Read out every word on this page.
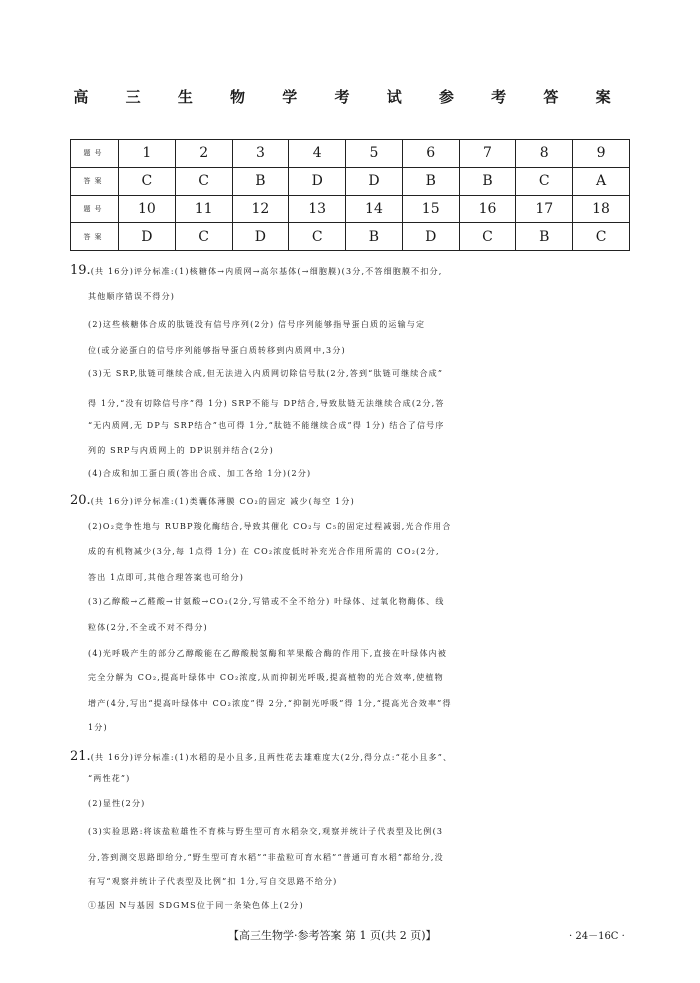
高 三 生 物 学 考 试 参 考 答 案
题号	1	2	3	4	5	6	7	8	9
答案	C	C	B	D	D	B	B	C	A
题号	10	11	12	13	14	15	16	17	18
答案	D	C	D	C	B	D	C	B	C
19.(共 16分)评分标准:(1)核糖体→内质网→高尔基体(→细胞膜)(3分,不答细胞膜不扣分,
其他顺序错误不得分)
(2)这些核糖体合成的肽链没有信号序列(2分) 信号序列能够指导蛋白质的运输与定
位(或分泌蛋白的信号序列能够指导蛋白质转移到内质网中,3分)
(3)无 SRP,肽链可继续合成,但无法进入内质网切除信号肽(2分,答到“肽链可继续合成”
得 1分,“没有切除信号序”得 1分) SRP不能与 DP结合,导致肽链无法继续合成(2分,答
“无内质网,无 DP与 SRP结合”也可得 1分,“肽链不能继续合成”得 1分) 结合了信号序
列的 SRP与内质网上的 DP识别并结合(2分)
(4)合成和加工蛋白质(答出合成、加工各给 1分)(2分)
20.(共 16分)评分标准:(1)类囊体薄膜 CO₂的固定 减少(每空 1分)
(2)O₂竞争性地与 RUBP羧化酶结合,导致其催化 CO₂与 C₅的固定过程减弱,光合作用合
成的有机物减少(3分,每 1点得 1分) 在 CO₂浓度低时补充光合作用所需的 CO₂(2分,
答出 1点即可,其他合理答案也可给分)
(3)乙醇酸→乙醛酸→甘氨酸→CO₂(2分,写错或不全不给分) 叶绿体、过氧化物酶体、线
粒体(2分,不全或不对不得分)
(4)光呼吸产生的部分乙醇酸能在乙醇酸脱氢酶和苹果酸合酶的作用下,直接在叶绿体内被
完全分解为 CO₂,提高叶绿体中 CO₂浓度,从而抑制光呼吸,提高植物的光合效率,使植物
增产(4分,写出“提高叶绿体中 CO₂浓度”得 2分,“抑制光呼吸”得 1分,“提高光合效率”得
1分)
21.(共 16分)评分标准:(1)水稻的是小且多,且两性花去雄难度大(2分,得分点:“花小且多”、
“两性花”)
(2)显性(2分)
(3)实验思路:将该盐粒雄性不育株与野生型可育水稻杂交,观察并统计子代表型及比例(3
分,答到测交思路即给分,“野生型可育水稻”“非盐粒可育水稻”“普通可育水稻”都给分,没
有写“观察并统计子代表型及比例”扣 1分,写自交思路不给分)
①基因 N与基因 SDGMS位于同一条染色体上(2分)
【高三生物学·参考答案 第 1 页(共 2 页)】	· 24－16C ·
